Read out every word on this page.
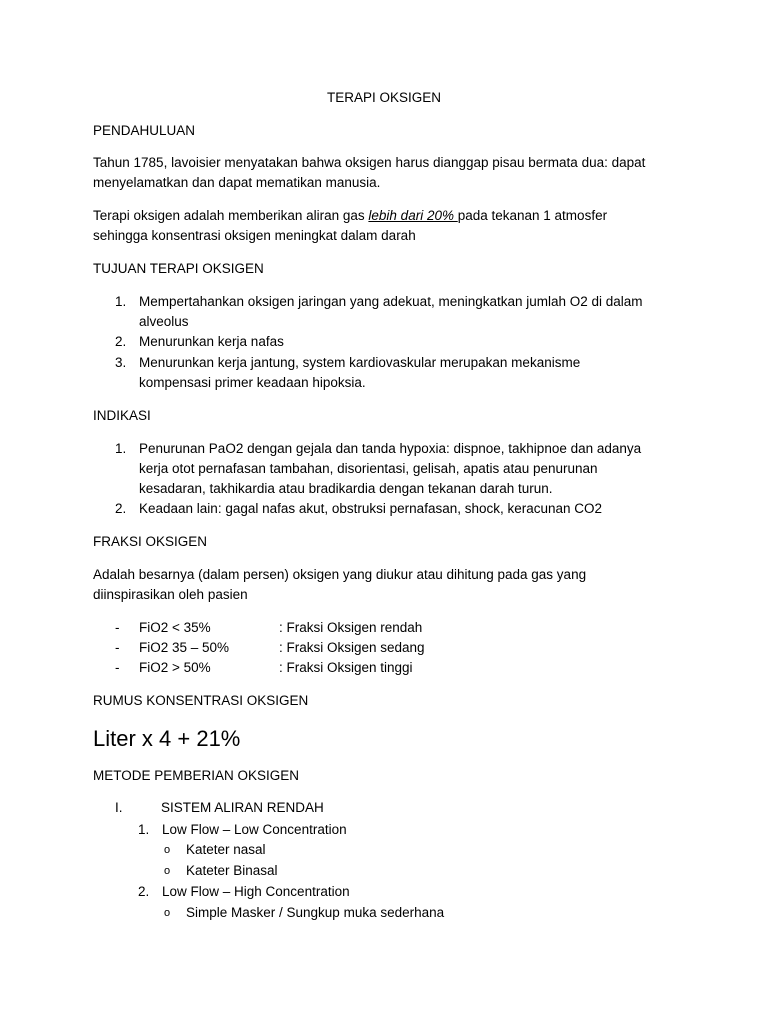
TERAPI OKSIGEN
PENDAHULUAN
Tahun 1785, lavoisier menyatakan bahwa oksigen harus dianggap pisau bermata dua: dapat
menyelamatkan dan dapat mematikan manusia.
Terapi oksigen adalah memberikan aliran gas lebih dari 20% pada tekanan 1 atmosfer
sehingga konsentrasi oksigen meningkat dalam darah
TUJUAN TERAPI OKSIGEN
1. Mempertahankan oksigen jaringan yang adekuat, meningkatkan jumlah O2 di dalam
alveolus
2. Menurunkan kerja nafas
3. Menurunkan kerja jantung, system kardiovaskular merupakan mekanisme
kompensasi primer keadaan hipoksia.
INDIKASI
1. Penurunan PaO2 dengan gejala dan tanda hypoxia: dispnoe, takhipnoe dan adanya
kerja otot pernafasan tambahan, disorientasi, gelisah, apatis atau penurunan
kesadaran, takhikardia atau bradikardia dengan tekanan darah turun.
2. Keadaan lain: gagal nafas akut, obstruksi pernafasan, shock, keracunan CO2
FRAKSI OKSIGEN
Adalah besarnya (dalam persen) oksigen yang diukur atau dihitung pada gas yang
diinspirasikan oleh pasien
- FiO2 < 35%	: Fraksi Oksigen rendah
- FiO2 35 – 50%	: Fraksi Oksigen sedang
- FiO2 > 50%	: Fraksi Oksigen tinggi
RUMUS KONSENTRASI OKSIGEN
Liter x 4 + 21%
METODE PEMBERIAN OKSIGEN
I.	SISTEM ALIRAN RENDAH
1. Low Flow – Low Concentration
o Kateter nasal
o Kateter Binasal
2. Low Flow – High Concentration
o Simple Masker / Sungkup muka sederhana
